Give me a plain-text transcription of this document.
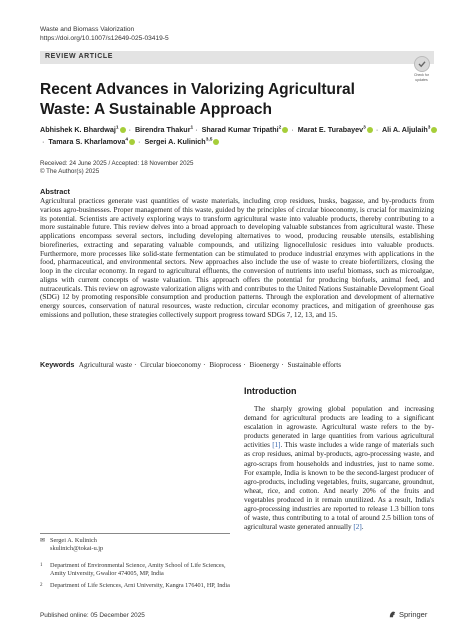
Waste and Biomass Valorization
https://doi.org/10.1007/s12649-025-03419-5
REVIEW ARTICLE
Check for
updates
Recent Advances in Valorizing Agricultural Waste: A Sustainable Approach
Abhishek K. Bhardwaj$^1$ · Birendra Thakur$^1$ · Sharad Kumar Tripathi$^2$ · Marat E. Turabayev$^3$ · Ali A. Aljulaih$^3$· Tamara S. Kharlamova$^4$ · Sergei A. Kulinich$^{3,5}$
Received: 24 June 2025 / Accepted: 18 November 2025
© The Author(s) 2025
Abstract

Agricultural practices generate vast quantities of waste materials, including crop residues, husks, bagasse, and by-products from various agro-businesses. Proper management of this waste, guided by the principles of circular bioeconomy, is crucial for maximizing its potential. Scientists are actively exploring ways to transform agricultural waste into valuable products, thereby contributing to a more sustainable future. This review delves into a broad approach to developing valuable substances from agricultural waste. These applications encompass several sectors, including developing alternatives to wood, producing reusable utensils, establishing biorefineries, extracting and separating valuable compounds, and utilizing lignocellulosic residues into valuable products. Furthermore, more processes like solid-state fermentation can be stimulated to produce industrial enzymes with applications in the food, pharmaceutical, and environmental sectors. New approaches also include the use of waste to create biofertilizers, closing the loop in the circular economy. In regard to agricultural effluents, the conversion of nutrients into useful biomass, such as microalgae, aligns with current concepts of waste valuation. This approach offers the potential for producing biofuels, animal feed, and nutraceuticals. This review on agrowaste valorization aligns with and contributes to the United Nations Sustainable Development Goal (SDG) 12 by promoting responsible consumption and production patterns. Through the exploration and development of alternative energy sources, conservation of natural resources, waste reduction, circular economy practices, and mitigation of greenhouse gas emissions and pollution, these strategies collectively support progress toward SDGs 7, 12, 13, and 15.

Keywords Agricultural waste · Circular bioeconomy · Bioprocess · Bioenergy · Sustainable efforts
Introduction

The sharply growing global population and increasing demand for agricultural products are leading to a significant escalation in agrowaste. Agricultural waste refers to the by-products generated in large quantities from various agricultural activities [1]. This waste includes a wide range of materials such as crop residues, animal by-products, agro-processing waste, and agro-scraps from households and industries, just to name some. For example, India is known to be the second-largest producer of agro-products, including vegetables, fruits, sugarcane, groundnut, wheat, rice, and cotton. And nearly 20% of the fruits and vegetables produced in it remain unutilized. As a result, India's agro-processing industries are reported to release 1.3 billion tons of waste, thus contributing to a total of around 2.5 billion tons of agricultural waste generated annually [2].

✉ Sergei A. Kulinich
skulinich@tokai-u.jp
1 Department of Environmental Science, Amity School of Life Sciences, Amity University, Gwalior 474005, MP, India
2 Department of Life Sciences, Arni University, Kangra 176401, HP, India
Published online: 05 December 2025	Springer
